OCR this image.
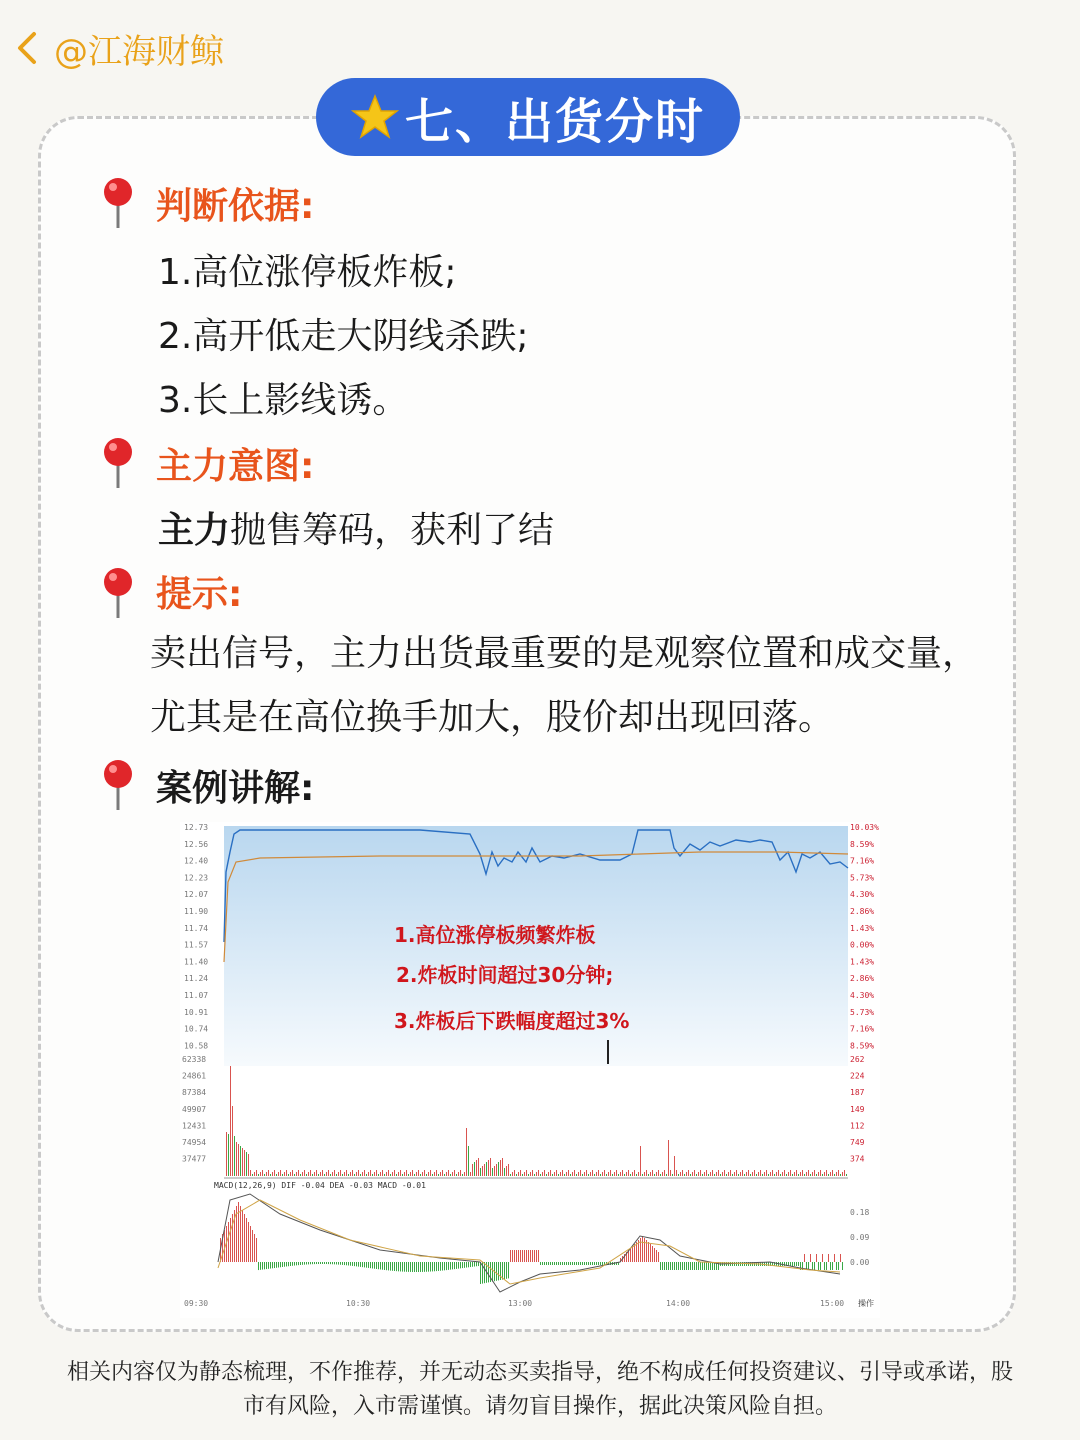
@江海财鲸
七、出货分时
判断依据:
1.高位涨停板炸板;
2.高开低走大阴线杀跌;
3.长上影线诱。
主力意图:
主力抛售筹码，获利了结
提示:
卖出信号，主力出货最重要的是观察位置和成交量，尤其是在高位换手加大，股价却出现回落。
案例讲解:
12.73
12.56
12.40
12.23
12.07
11.90
11.74
11.57
11.40
11.24
11.07
10.91
10.74
10.58
10.03%
8.59%
7.16%
5.73%
4.30%
2.86%
1.43%
0.00%
1.43%
2.86%
4.30%
5.73%
7.16%
8.59%
1.高位涨停板频繁炸板
2.炸板时间超过30分钟;
3.炸板后下跌幅度超过3%
62338
24861
87384
49907
12431
74954
37477
262
224
187
149
112
749
374
MACD(12,26,9) DIF -0.04 DEA -0.03 MACD -0.01
0.18
0.09
0.00
09:30	10:30	13:00	14:00	15:00 操作
相关内容仅为静态梳理，不作推荐，并无动态买卖指导，绝不构成任何投资建议、引导或承诺，股
市有风险，入市需谨慎。请勿盲目操作，据此决策风险自担。
